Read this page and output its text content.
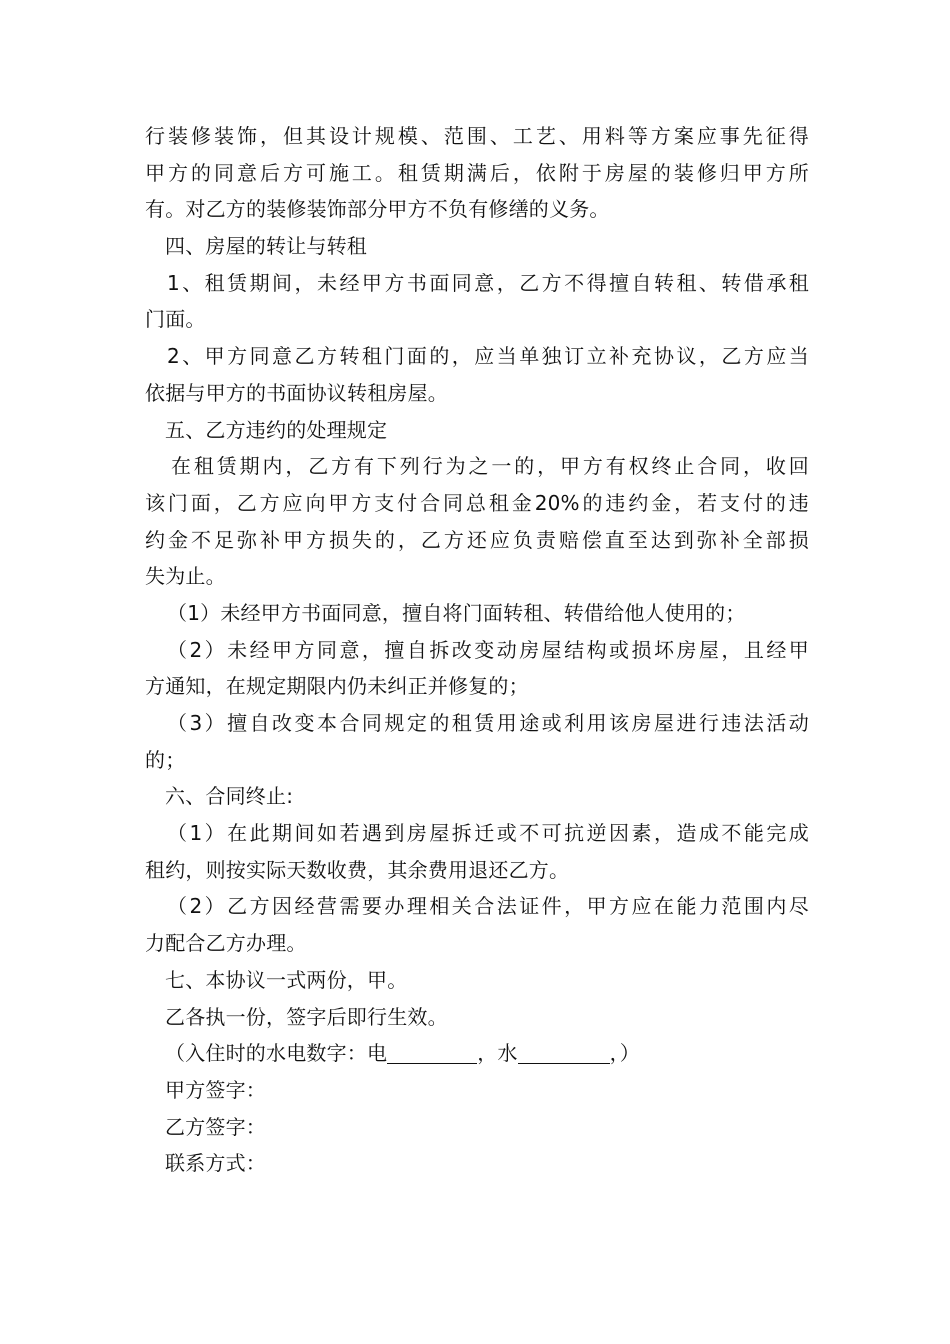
行装修装饰，但其设计规模、范围、工艺、用料等方案应事先征得
甲方的同意后方可施工。租赁期满后，依附于房屋的装修归甲方所
有。对乙方的装修装饰部分甲方不负有修缮的义务。
四、房屋的转让与转租
1、租赁期间，未经甲方书面同意，乙方不得擅自转租、转借承租
门面。
2、甲方同意乙方转租门面的，应当单独订立补充协议，乙方应当
依据与甲方的书面协议转租房屋。
五、乙方违约的处理规定
在租赁期内，乙方有下列行为之一的，甲方有权终止合同，收回
该门面，乙方应向甲方支付合同总租金20%的违约金，若支付的违
约金不足弥补甲方损失的，乙方还应负责赔偿直至达到弥补全部损
失为止。
（1）未经甲方书面同意，擅自将门面转租、转借给他人使用的；
（2）未经甲方同意，擅自拆改变动房屋结构或损坏房屋，且经甲
方通知，在规定期限内仍未纠正并修复的；
（3）擅自改变本合同规定的租赁用途或利用该房屋进行违法活动
的；
六、合同终止:
（1）在此期间如若遇到房屋拆迁或不可抗逆因素，造成不能完成
租约，则按实际天数收费，其余费用退还乙方。
（2）乙方因经营需要办理相关合法证件，甲方应在能力范围内尽
力配合乙方办理。
七、本协议一式两份，甲。
乙各执一份，签字后即行生效。
（入住时的水电数字：电	，水	，）
甲方签字：
乙方签字：
联系方式：
